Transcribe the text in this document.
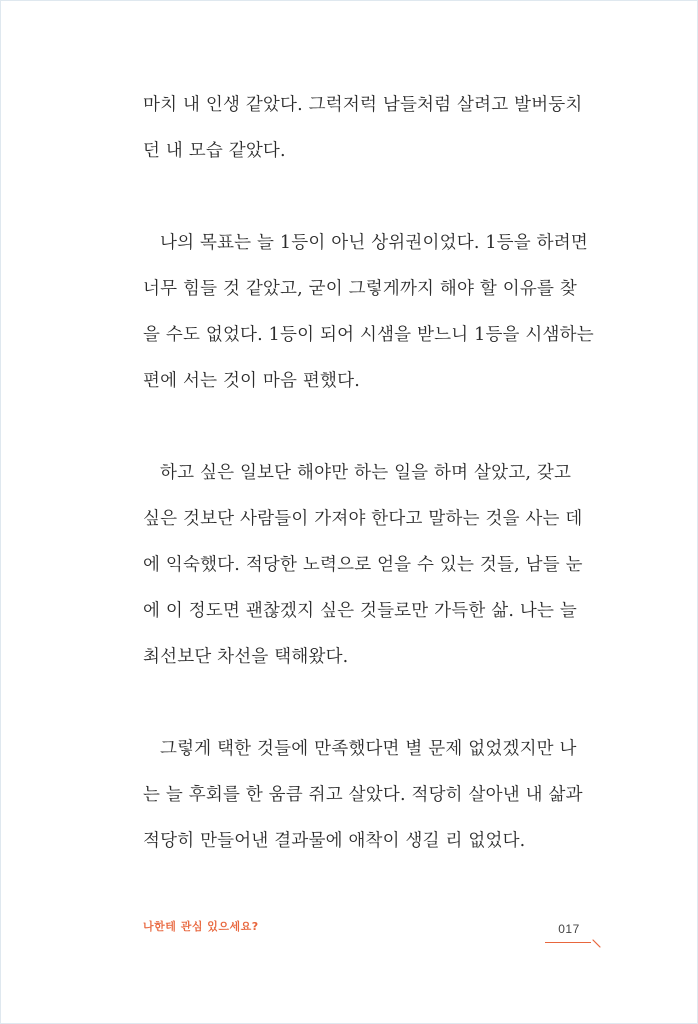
마치 내 인생 같았다. 그럭저럭 남들처럼 살려고 발버둥치
던 내 모습 같았다.

나의 목표는 늘 1등이 아닌 상위권이었다. 1등을 하려면
너무 힘들 것 같았고, 굳이 그렇게까지 해야 할 이유를 찾
을 수도 없었다. 1등이 되어 시샘을 받느니 1등을 시샘하는
편에 서는 것이 마음 편했다.

하고 싶은 일보단 해야만 하는 일을 하며 살았고, 갖고
싶은 것보단 사람들이 가져야 한다고 말하는 것을 사는 데
에 익숙했다. 적당한 노력으로 얻을 수 있는 것들, 남들 눈
에 이 정도면 괜찮겠지 싶은 것들로만 가득한 삶. 나는 늘
최선보단 차선을 택해왔다.

그렇게 택한 것들에 만족했다면 별 문제 없었겠지만 나
는 늘 후회를 한 움큼 쥐고 살았다. 적당히 살아낸 내 삶과
적당히 만들어낸 결과물에 애착이 생길 리 없었다.

나한테 관심 있으세요?	017
